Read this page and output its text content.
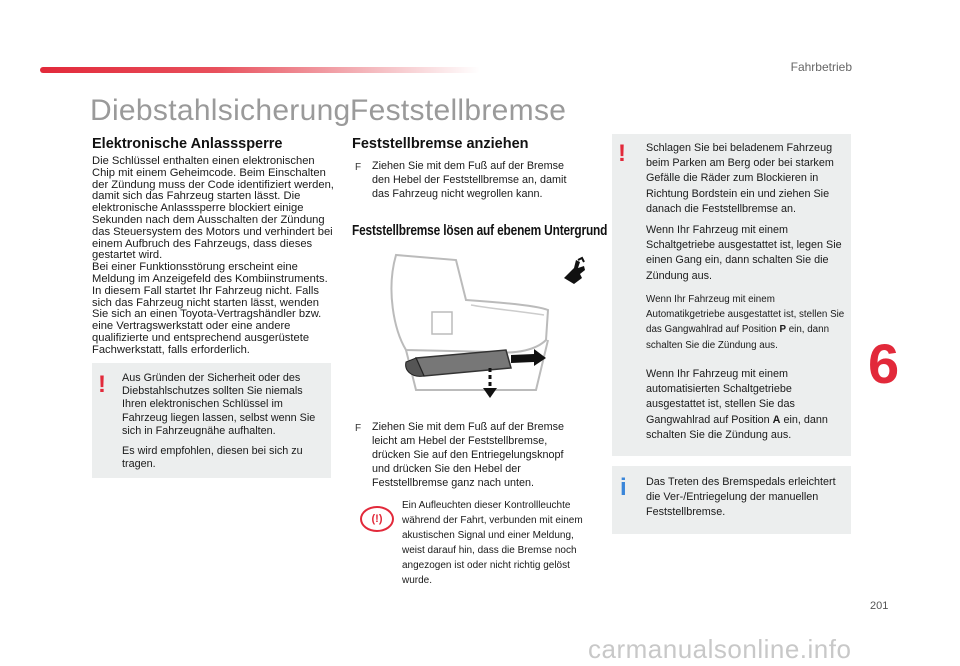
Fahrbetrieb
Diebstahlsicherung
Elektronische Anlasssperre
Die Schlüssel enthalten einen elektronischen Chip mit einem Geheimcode. Beim Einschalten der Zündung muss der Code identifiziert werden, damit sich das Fahrzeug starten lässt. Die elektronische Anlasssperre blockiert einige Sekunden nach dem Ausschalten der Zündung das Steuersystem des Motors und verhindert bei einem Aufbruch des Fahrzeugs, dass dieses gestartet wird.
Bei einer Funktionsstörung erscheint eine Meldung im Anzeigefeld des Kombiinstruments. In diesem Fall startet Ihr Fahrzeug nicht. Falls sich das Fahrzeug nicht starten lässt, wenden Sie sich an einen Toyota-Vertragshändler bzw. eine Vertragswerkstatt oder eine andere qualifizierte und entsprechend ausgerüstete Fachwerkstatt, falls erforderlich.
! Aus Gründen der Sicherheit oder des Diebstahlschutzes sollten Sie niemals Ihren elektronischen Schlüssel im Fahrzeug liegen lassen, selbst wenn Sie sich in Fahrzeugnähe aufhalten.
Es wird empfohlen, diesen bei sich zu tragen.
Feststellbremse
Feststellbremse anziehen
F Ziehen Sie mit dem Fuß auf der Bremse den Hebel der Feststellbremse an, damit das Fahrzeug nicht wegrollen kann.
Feststellbremse lösen auf ebenem Untergrund
F Ziehen Sie mit dem Fuß auf der Bremse leicht am Hebel der Feststellbremse, drücken Sie auf den Entriegelungsknopf und drücken Sie den Hebel der Feststellbremse ganz nach unten.
(!)
Ein Aufleuchten dieser Kontrollleuchte während der Fahrt, verbunden mit einem akustischen Signal und einer Meldung, weist darauf hin, dass die Bremse noch angezogen ist oder nicht richtig gelöst wurde.
! Schlagen Sie bei beladenem Fahrzeug beim Parken am Berg oder bei starkem Gefälle die Räder zum Blockieren in Richtung Bordstein ein und ziehen Sie danach die Feststellbremse an.
Wenn Ihr Fahrzeug mit einem Schaltgetriebe ausgestattet ist, legen Sie einen Gang ein, dann schalten Sie die Zündung aus.
Wenn Ihr Fahrzeug mit einem Automatikgetriebe ausgestattet ist, stellen Sie das Gangwahlrad auf Position P ein, dann schalten Sie die Zündung aus.
Wenn Ihr Fahrzeug mit einem automatisierten Schaltgetriebe ausgestattet ist, stellen Sie das Gangwahlrad auf Position A ein, dann schalten Sie die Zündung aus.
i Das Treten des Bremspedals erleichtert die Ver-/Entriegelung der manuellen Feststellbremse.
6
201
carmanualsonline.info
